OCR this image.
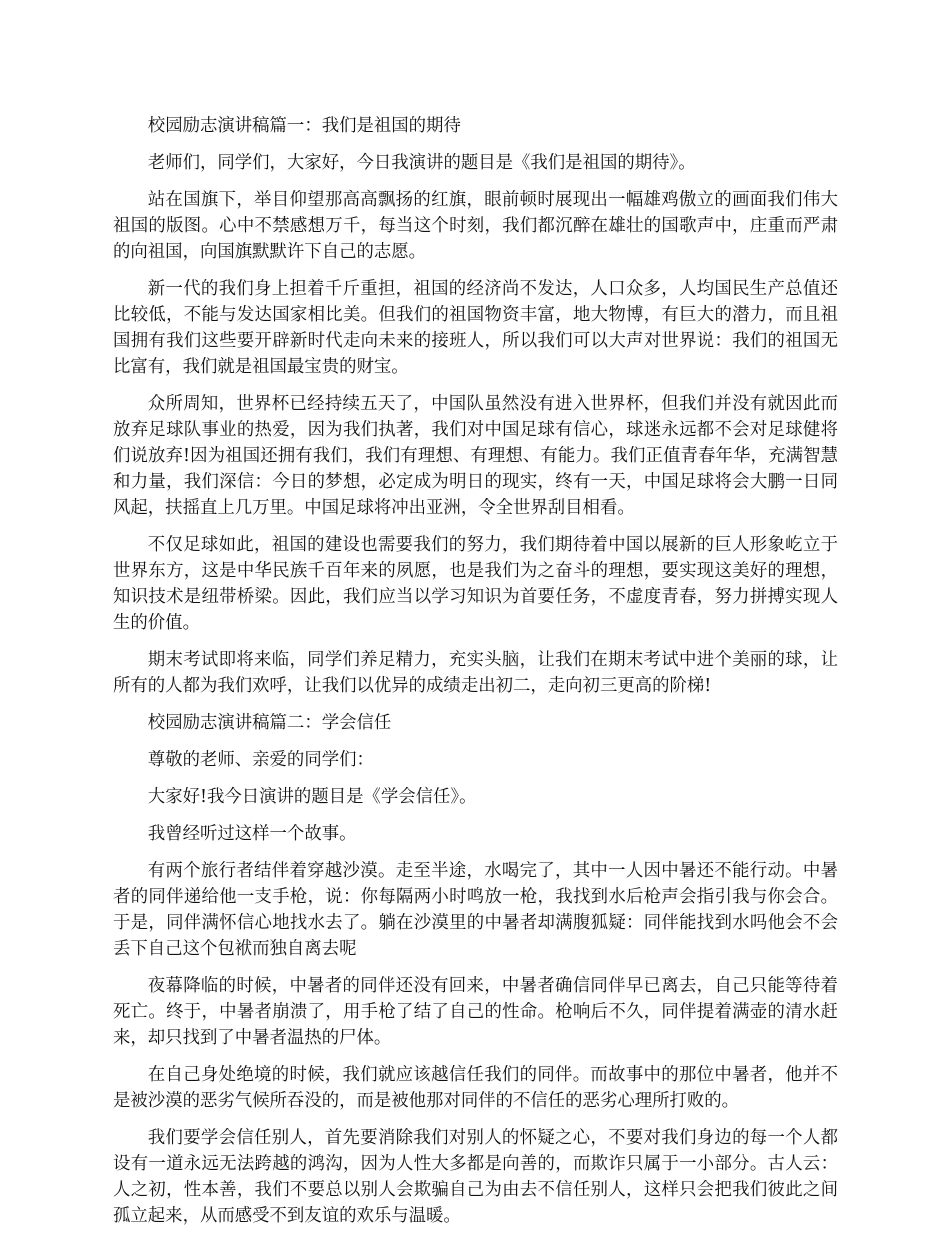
校园励志演讲稿篇一：我们是祖国的期待

老师们，同学们，大家好，今日我演讲的题目是《我们是祖国的期待》。

站在国旗下，举目仰望那高高飘扬的红旗，眼前顿时展现出一幅雄鸡傲立的画面我们伟大祖国的版图。心中不禁感想万千，每当这个时刻，我们都沉醉在雄壮的国歌声中，庄重而严肃的向祖国，向国旗默默许下自己的志愿。

新一代的我们身上担着千斤重担，祖国的经济尚不发达，人口众多，人均国民生产总值还比较低，不能与发达国家相比美。但我们的祖国物资丰富，地大物博，有巨大的潜力，而且祖国拥有我们这些要开辟新时代走向未来的接班人，所以我们可以大声对世界说：我们的祖国无比富有，我们就是祖国最宝贵的财宝。

众所周知，世界杯已经持续五天了，中国队虽然没有进入世界杯，但我们并没有就因此而放弃足球队事业的热爱，因为我们执著，我们对中国足球有信心，球迷永远都不会对足球健将们说放弃!因为祖国还拥有我们，我们有理想、有理想、有能力。我们正值青春年华，充满智慧和力量，我们深信：今日的梦想，必定成为明日的现实，终有一天，中国足球将会大鹏一日同风起，扶摇直上几万里。中国足球将冲出亚洲，令全世界刮目相看。

不仅足球如此，祖国的建设也需要我们的努力，我们期待着中国以展新的巨人形象屹立于世界东方，这是中华民族千百年来的夙愿，也是我们为之奋斗的理想，要实现这美好的理想，知识技术是纽带桥梁。因此，我们应当以学习知识为首要任务，不虚度青春，努力拼搏实现人生的价值。

期末考试即将来临，同学们养足精力，充实头脑，让我们在期末考试中进个美丽的球，让所有的人都为我们欢呼，让我们以优异的成绩走出初二，走向初三更高的阶梯!

校园励志演讲稿篇二：学会信任

尊敬的老师、亲爱的同学们：

大家好!我今日演讲的题目是《学会信任》。

我曾经听过这样一个故事。

有两个旅行者结伴着穿越沙漠。走至半途，水喝完了，其中一人因中暑还不能行动。中暑者的同伴递给他一支手枪，说：你每隔两小时鸣放一枪，我找到水后枪声会指引我与你会合。于是，同伴满怀信心地找水去了。躺在沙漠里的中暑者却满腹狐疑：同伴能找到水吗他会不会丢下自己这个包袱而独自离去呢

夜幕降临的时候，中暑者的同伴还没有回来，中暑者确信同伴早已离去，自己只能等待着死亡。终于，中暑者崩溃了，用手枪了结了自己的性命。枪响后不久，同伴提着满壶的清水赶来，却只找到了中暑者温热的尸体。

在自己身处绝境的时候，我们就应该越信任我们的同伴。而故事中的那位中暑者，他并不是被沙漠的恶劣气候所吞没的，而是被他那对同伴的不信任的恶劣心理所打败的。

我们要学会信任别人，首先要消除我们对别人的怀疑之心，不要对我们身边的每一个人都设有一道永远无法跨越的鸿沟，因为人性大多都是向善的，而欺诈只属于一小部分。古人云：人之初，性本善，我们不要总以别人会欺骗自己为由去不信任别人，这样只会把我们彼此之间孤立起来，从而感受不到友谊的欢乐与温暖。
